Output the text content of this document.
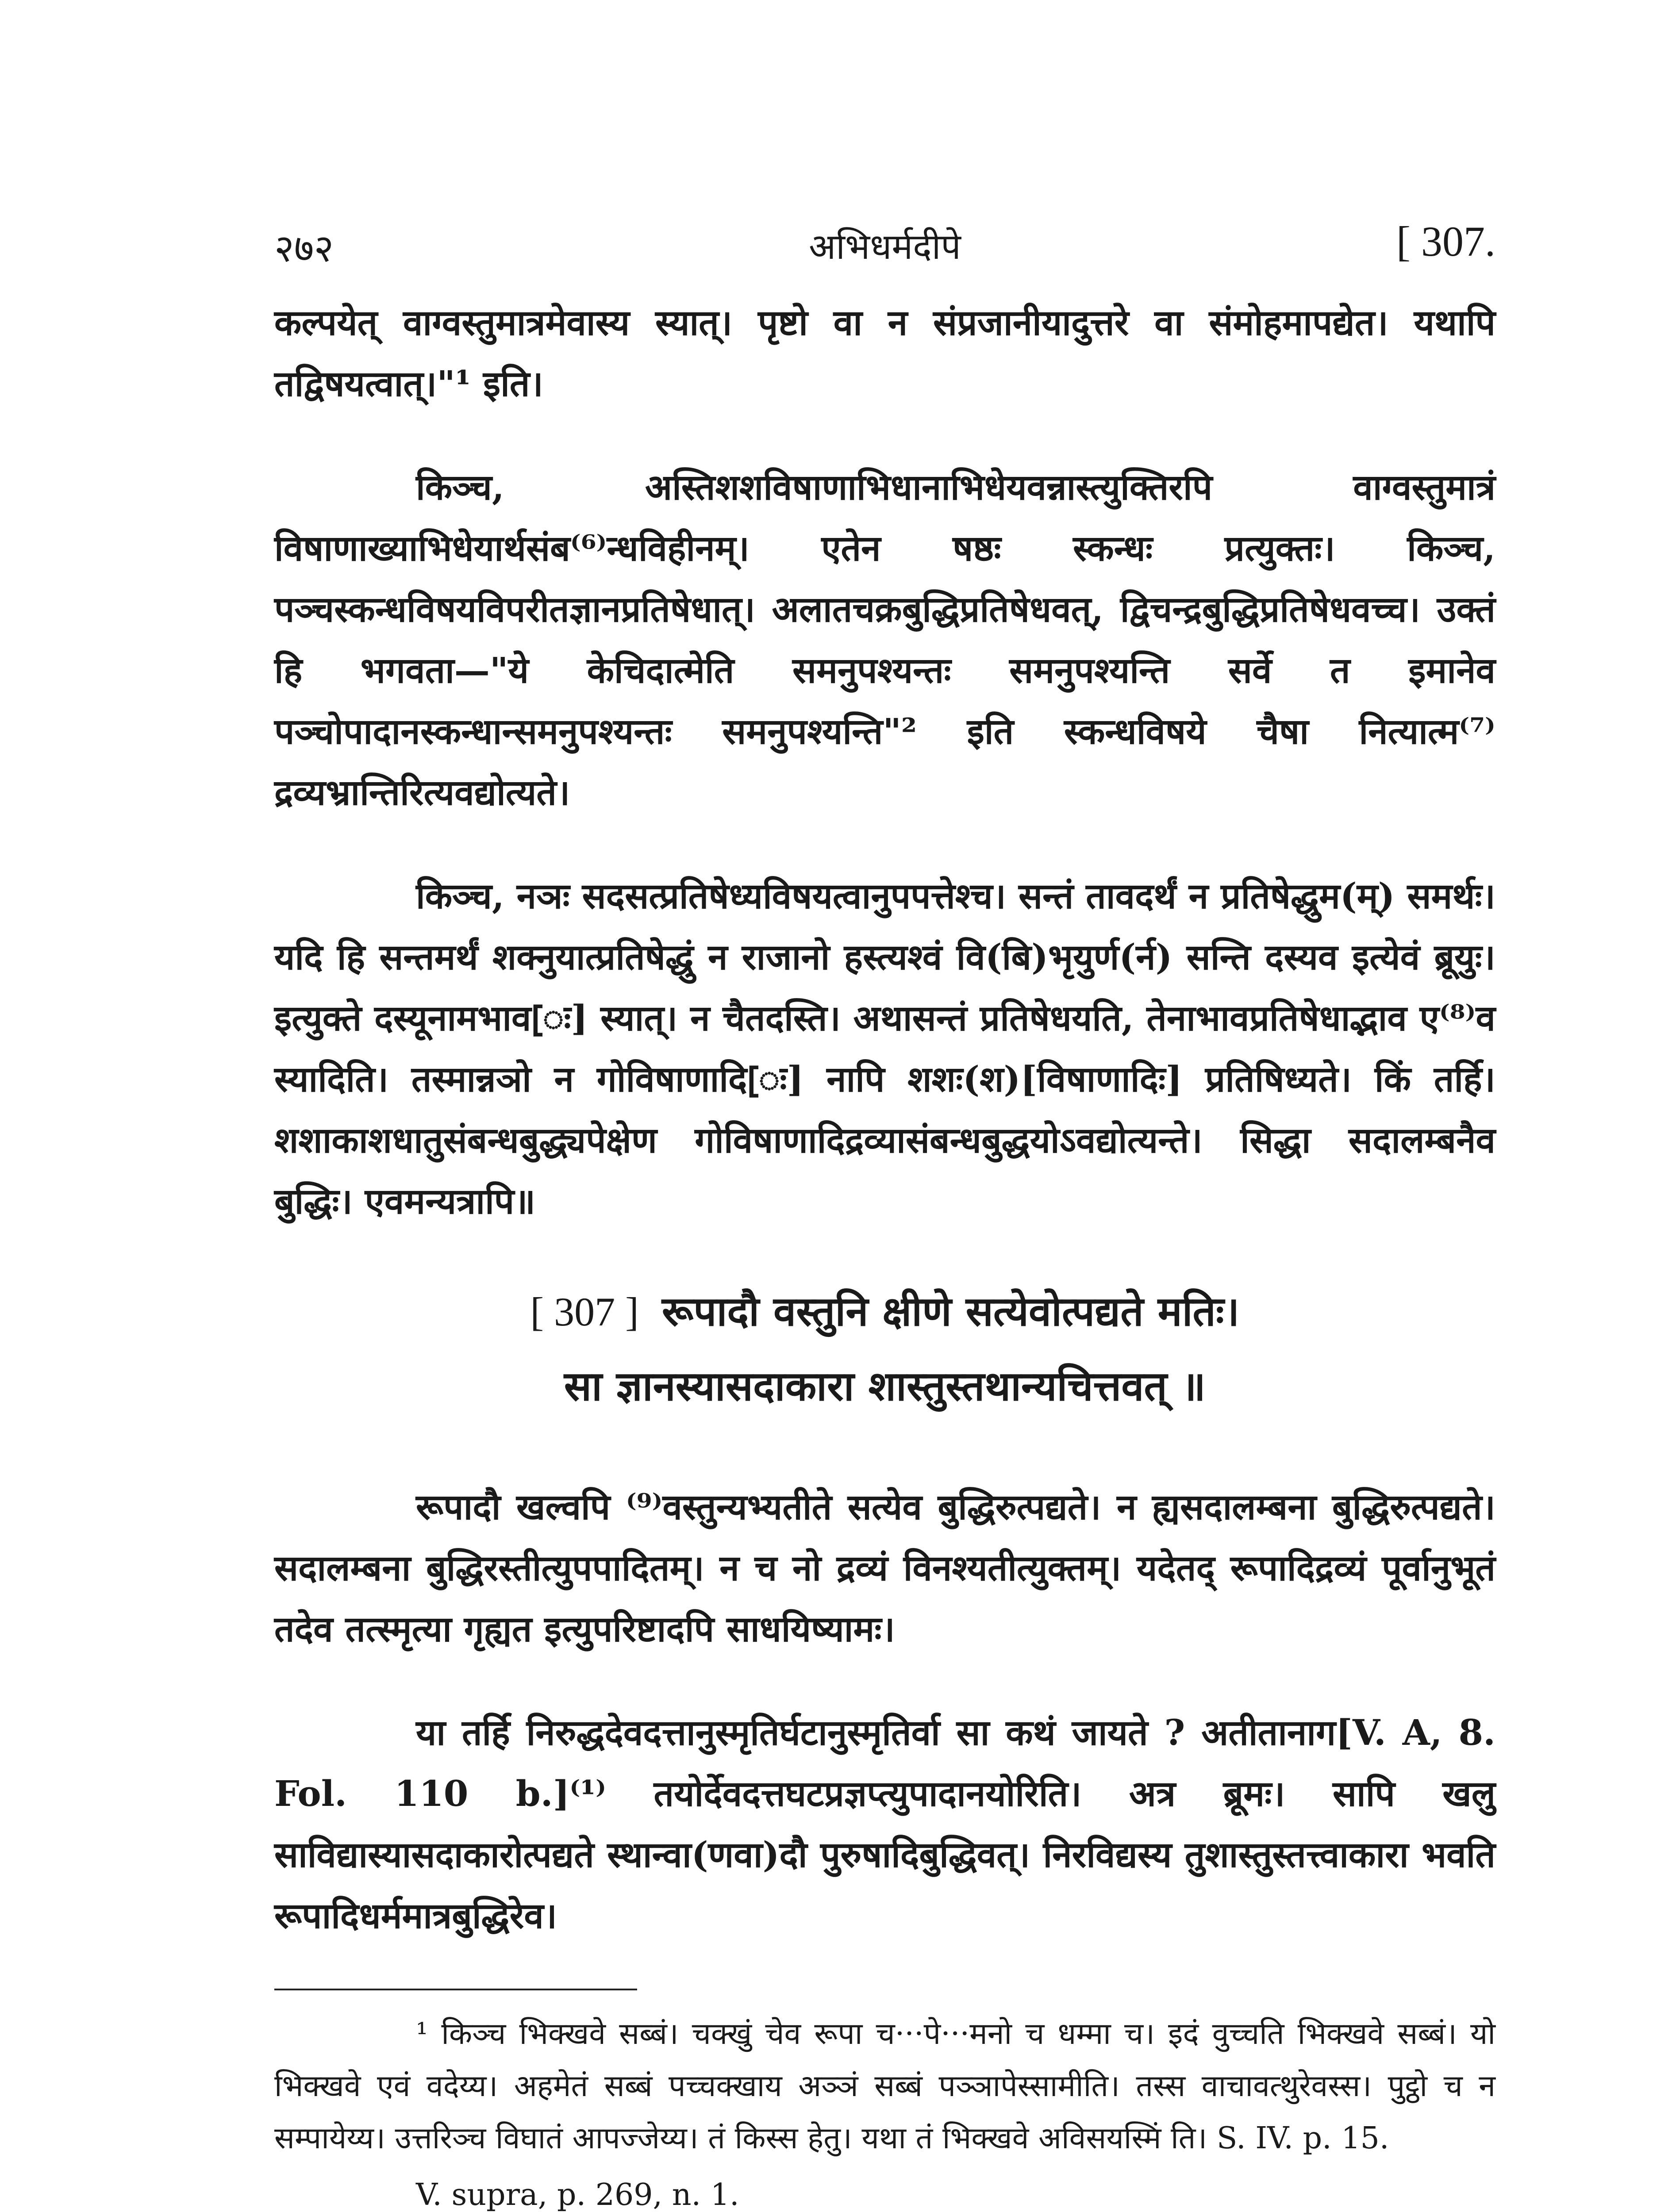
२७२	अभिधर्मदीपे	[ 307.

कल्पयेत् वाग्वस्तुमात्रमेवास्य स्यात्। पृष्टो वा न संप्रजानीयादुत्तरे वा संमोहमापद्येत। यथापि तद्विषयत्वात्।"¹ इति।

किञ्च, अस्तिशशविषाणाभिधानाभिधेयवन्नास्त्युक्तिरपि वाग्वस्तुमात्रं विषाणाख्याभिधेयार्थसंब⁽⁶⁾न्धविहीनम्। एतेन षष्ठः स्कन्धः प्रत्युक्तः। किञ्च, पञ्चस्कन्धविषयविपरीतज्ञानप्रतिषेधात्। अलातचक्रबुद्धिप्रतिषेधवत्, द्विचन्द्रबुद्धिप्रतिषेधवच्च। उक्तं हि भगवता—"ये केचिदात्मेति समनुपश्यन्तः समनुपश्यन्ति सर्वे त इमानेव पञ्चोपादानस्कन्धान्समनुपश्यन्तः समनुपश्यन्ति"² इति स्कन्धविषये चैषा नित्यात्म⁽⁷⁾द्रव्यभ्रान्तिरित्यवद्योत्यते।

किञ्च, नञः सदसत्प्रतिषेध्यविषयत्वानुपपत्तेश्च। सन्तं तावदर्थं न प्रतिषेद्धुम(म्) समर्थः। यदि हि सन्तमर्थं शक्नुयात्प्रतिषेद्धुं न राजानो हस्त्यश्वं वि(बि)भृयुर्ण(र्न) सन्ति दस्यव इत्येवं ब्रूयुः। इत्युक्ते दस्यूनामभाव[ः] स्यात्। न चैतदस्ति। अथासन्तं प्रतिषेधयति, तेनाभावप्रतिषेधाद्भाव ए⁽⁸⁾व स्यादिति। तस्मान्नञो न गोविषाणादि[ः] नापि शशः(श)[विषाणादिः] प्रतिषिध्यते। किं तर्हि। शशाकाशधातुसंबन्धबुद्ध्यपेक्षेण गोविषाणादिद्रव्यासंबन्धबुद्धयोऽवद्योत्यन्ते। सिद्धा सदालम्बनैव बुद्धिः। एवमन्यत्रापि॥

[ 307 ] रूपादौ वस्तुनि क्षीणे सत्येवोत्पद्यते मतिः।
सा ज्ञानस्यासदाकारा शास्तुस्तथान्यचित्तवत् ॥

रूपादौ खल्वपि ⁽⁹⁾वस्तुन्यभ्यतीते सत्येव बुद्धिरुत्पद्यते। न ह्यसदालम्बना बुद्धिरुत्पद्यते। सदालम्बना बुद्धिरस्तीत्युपपादितम्। न च नो द्रव्यं विनश्यतीत्युक्तम्। यदेतद् रूपादिद्रव्यं पूर्वानुभूतं तदेव तत्स्मृत्या गृह्यत इत्युपरिष्टादपि साधयिष्यामः।

या तर्हि निरुद्धदेवदत्तानुस्मृतिर्घटानुस्मृतिर्वा सा कथं जायते ? अतीतानाग[V. A, 8. Fol. 110 b.]⁽¹⁾ तयोर्देवदत्तघटप्रज्ञप्त्युपादानयोरिति। अत्र ब्रूमः। सापि खलु साविद्यास्यासदाकारोत्पद्यते स्थान्वा(णवा)दौ पुरुषादिबुद्धिवत्। निरविद्यस्य तुशास्तुस्तत्त्वाकारा भवति रूपादिधर्ममात्रबुद्धिरेव।

¹ किञ्च भिक्खवे सब्बं। चक्खुं चेव रूपा च···पे···मनो च धम्मा च। इदं वुच्चति भिक्खवे सब्बं। यो भिक्खवे एवं वदेय्य। अहमेतं सब्बं पच्चक्खाय अञ्ञं सब्बं पञ्ञापेस्सामीति। तस्स वाचावत्थुरेवस्स। पुट्ठो च न सम्पायेय्य। उत्तरिञ्च विघातं आपज्जेय्य। तं किस्स हेतु। यथा तं भिक्खवे अविसयस्मिं ति। S. IV. p. 15.

V. supra, p. 269, n. 1.
